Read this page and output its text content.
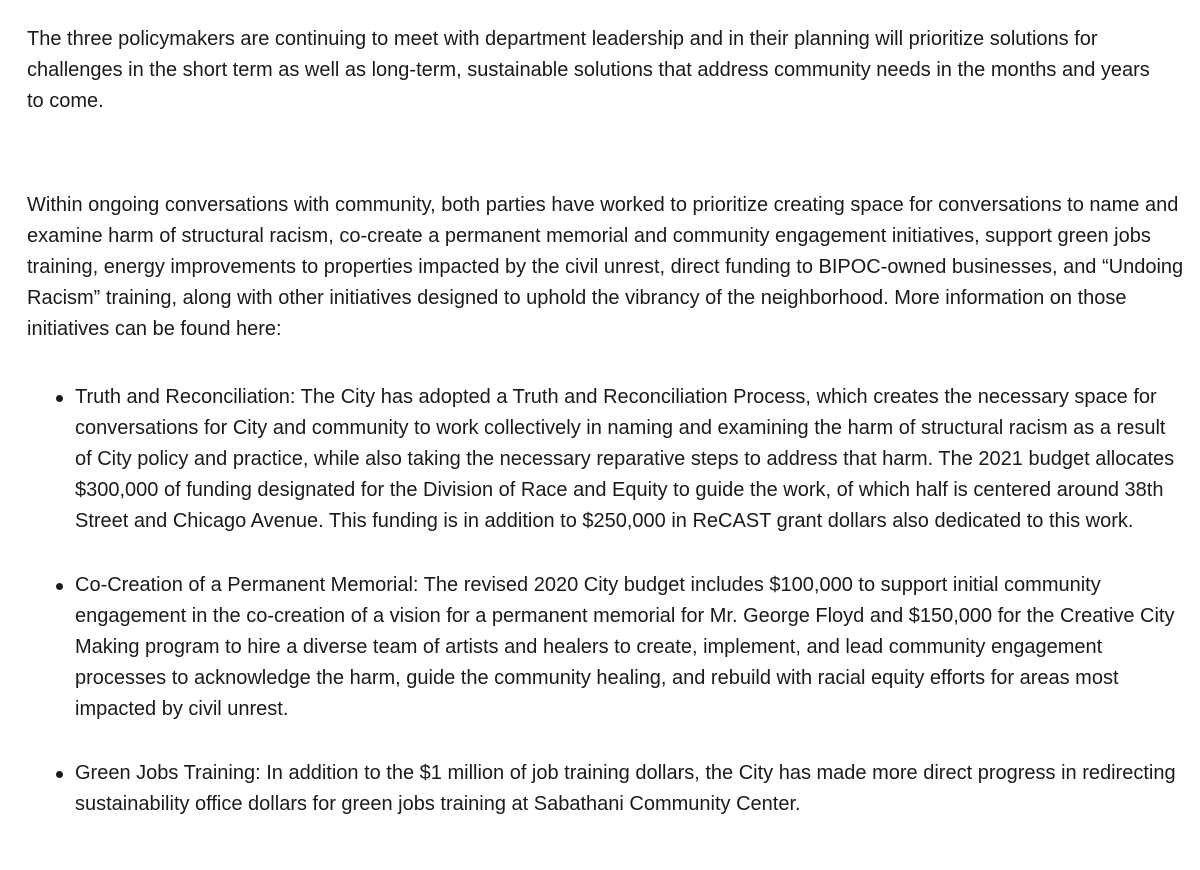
The three policymakers are continuing to meet with department leadership and in their planning will prioritize solutions for challenges in the short term as well as long-term, sustainable solutions that address community needs in the months and years to come.

Within ongoing conversations with community, both parties have worked to prioritize creating space for conversations to name and examine harm of structural racism, co-create a permanent memorial and community engagement initiatives, support green jobs training, energy improvements to properties impacted by the civil unrest, direct funding to BIPOC-owned businesses, and “Undoing Racism” training, along with other initiatives designed to uphold the vibrancy of the neighborhood. More information on those initiatives can be found here:

Truth and Reconciliation: The City has adopted a Truth and Reconciliation Process, which creates the necessary space for conversations for City and community to work collectively in naming and examining the harm of structural racism as a result of City policy and practice, while also taking the necessary reparative steps to address that harm. The 2021 budget allocates $300,000 of funding designated for the Division of Race and Equity to guide the work, of which half is centered around 38th Street and Chicago Avenue. This funding is in addition to $250,000 in ReCAST grant dollars also dedicated to this work.
Co-Creation of a Permanent Memorial: The revised 2020 City budget includes $100,000 to support initial community engagement in the co-creation of a vision for a permanent memorial for Mr. George Floyd and $150,000 for the Creative City Making program to hire a diverse team of artists and healers to create, implement, and lead community engagement processes to acknowledge the harm, guide the community healing, and rebuild with racial equity efforts for areas most impacted by civil unrest.
Green Jobs Training: In addition to the $1 million of job training dollars, the City has made more direct progress in redirecting sustainability office dollars for green jobs training at Sabathani Community Center.
